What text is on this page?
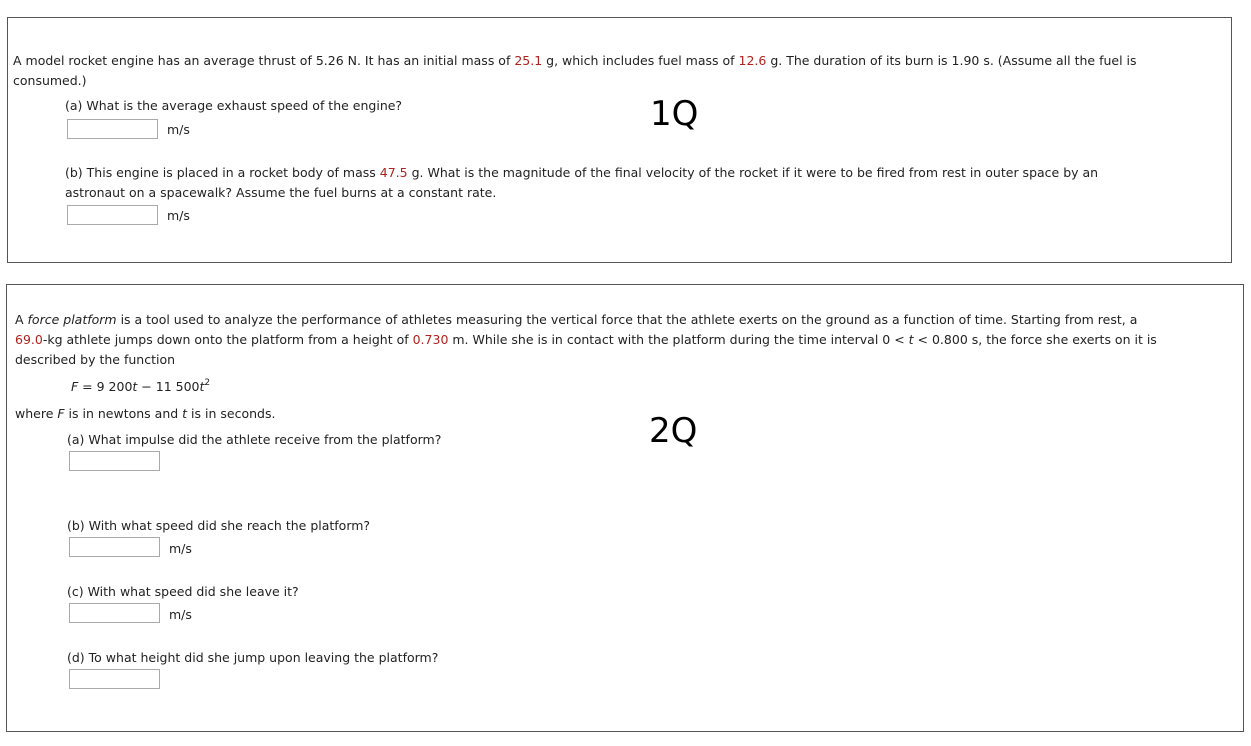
A model rocket engine has an average thrust of 5.26 N. It has an initial mass of 25.1 g, which includes fuel mass of 12.6 g. The duration of its burn is 1.90 s. (Assume all the fuel is
consumed.)
1Q
(a) What is the average exhaust speed of the engine?
m/s
(b) This engine is placed in a rocket body of mass 47.5 g. What is the magnitude of the final velocity of the rocket if it were to be fired from rest in outer space by an
astronaut on a spacewalk? Assume the fuel burns at a constant rate.
m/s
A force platform is a tool used to analyze the performance of athletes measuring the vertical force that the athlete exerts on the ground as a function of time. Starting from rest, a
69.0-kg athlete jumps down onto the platform from a height of 0.730 m. While she is in contact with the platform during the time interval 0 < t < 0.800 s, the force she exerts on it is
described by the function
F = 9 200t − 11 $500t^2$
where F is in newtons and t is in seconds.	2Q
(a) What impulse did the athlete receive from the platform?
(b) With what speed did she reach the platform?
m/s
(c) With what speed did she leave it?
m/s
(d) To what height did she jump upon leaving the platform?
